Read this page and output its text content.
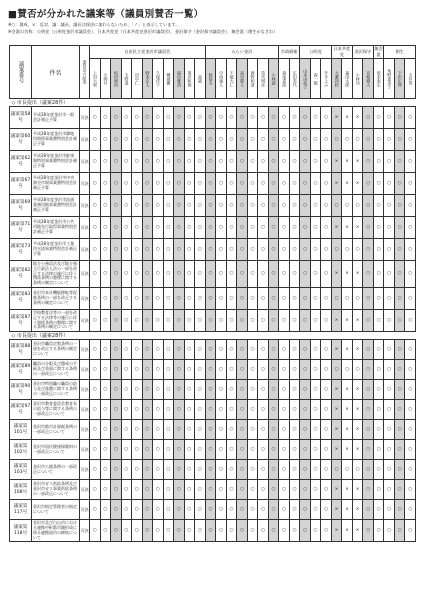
■賛否が分かれた議案等（議員別賛否一覧）
※○：賛成、×：反対、議：議長、議長は採決に加わらないため、「ノ」と表示しています。
※会派の名称：公明党（公明党金沢市議員会）、日本共産党（日本共産党金沢市議員団）、金沢保守（金沢保守議員会）、無会派（創生かなざわ）
議案番号	件名	委員会の結果	自由民主党金沢市議員会											みらい金沢							市政刷新		公明党			日本共産党		金沢保守		無会派	創生		
			上田大和	小間井	松村理治	玉野道	田中仁	野本正人	久保洋子	横越徹	福田雅清	黒沢和規	高誠	秋島太	中西義人	不破大仁	高岩勝人	源野和清	苗代明彦	小林誠	森尾嘉昭	広田美代	山本由起子	森一敏	升きよみ	大桑初枝	福田太郎	小林功	宮崎雅人	坂本泰広	角野恵美子	下沢広伸	玉井英
◇ 市長提出（議案28件）																																	
議案第58号	平成28年度金沢市一般会計補正予算	可決	○	○	○	○	○	○	○	○	○	○	○	○	○	○	○	○	○	○	○	○	○	○	○	×	×	×	○	○	○	○	○
議案第60号	平成28年度金沢市御地用関係事業費特別会計補正予算	可決	○	○	○	○	○	○	○	○	○	○	○	○	○	○	○	○	○	○	○	○	○	○	○	○	○	○	○	○	○	○	○
議案第62号	平成28年度金沢市駐車場特別事業費特別会計補正予算	可決	○	○	○	○	○	○	○	○	○	○	○	○	○	○	○	○	○	○	○	○	○	○	○	×	×	×	○	○	○	○	○
議案第67号	平成28年度金沢市中央卸売市場事業費特別会計補正予算	可決	○	○	○	○	○	○	○	○	○	○	○	○	○	○	○	○	○	○	○	○	○	○	○	×	×	×	○	○	○	○	○
議案第69号	平成28年度金沢市流通業務団地事業費特別会計補正予算	可決	○	○	○	○	○	○	○	○	○	○	○	○	○	○	○	○	○	○	○	○	○	○	○	○	○	○	○	○	○	○	○
議案第71号	平成28年度金沢市公共用地先行取得事業特別会計補正予算	可決	○	○	○	○	○	○	○	○	○	○	○	○	○	○	○	○	○	○	○	○	○	○	○	×	×	×	○	○	○	○	○
議案第73号	平成28年度金沢市工業用水道事業特別会計補正予算	可決	○	○	○	○	○	○	○	○	○	○	○	○	○	○	○	○	○	○	○	○	○	○	○	○	○	○	○	○	○	○	○
議案第82号	地方公務員法及び地方独立行政法人法の一部を改正する法律の施行に伴う関係条例の整理に関する条例の制定について	可決	○	○	○	○	○	○	○	○	○	○	○	○	○	○	○	○	○	○	○	○	○	○	○	×	×	×	○	○	○	○	○
議案第83号	金沢市本社機能移転等促進条例の一部を改正する条例の制定について	可決	○	○	○	○	○	○	○	○	○	○	○	○	○	○	○	○	○	○	○	○	○	○	○	○	○	○	○	○	○	○	○
議案第87号	学校教育法等の一部を改正する法律等の施行に伴う関係条例の整理に関する条例の制定について	可決	○	○	○	○	○	○	○	○	○	○	○	○	○	○	○	○	○	○	○	○	○	○	○	×	×	×	○	○	○	○	○
◇ 市長提出（議案28件）																																	
議案第88号	金沢市職員定数条例の一部を改正する条例の制定について	可決	○	○	○	○	○	○	○	○	○	○	○	○	○	○	○	○	○	○	○	○	○	○	○	×	×	×	○	○	○	○	○
議案第89号	職員の分限及び懲戒の手続及び効果に関する条例の一部改正について	可決	○	○	○	○	○	○	○	○	○	○	○	○	○	○	○	○	○	○	○	○	○	○	○	○	○	○	○	○	○	○	○
議案第90号	金沢市特別職の職員の給与及び旅費に関する条例の一部改正について	可決	○	○	○	○	○	○	○	○	○	○	○	○	○	○	○	○	○	○	○	○	○	○	○	×	×	×	○	○	○	○	○
議案第97号	金沢市教育委員会教育長の給与等に関する条例の一部改正について	可決	○	○	○	○	○	○	○	○	○	○	○	○	○	○	○	○	○	○	○	○	○	○	○	×	×	×	○	○	○	○	○
議案第101号	金沢市都市計画税条例の一部改正について	可決	○	○	○	○	○	○	○	○	○	○	○	○	○	○	○	○	○	○	○	○	○	○	○	×	×	×	○	○	○	○	○
議案第102号	金沢市国民健康保険料の一部改正について	可決	○	○	○	○	○	○	○	○	○	○	○	○	○	○	○	○	○	○	○	○	○	○	○	×	×	×	○	○	○	○	○
議案第103号	金沢市公園条例の一部改正について	可決	○	○	○	○	○	○	○	○	○	○	○	○	○	○	○	○	○	○	○	○	○	○	○	○	○	○	○	○	○	○	○
議案第108号	金沢市ガス供給条例及び金沢市ガス事業供給条例の一部改正について	可決	○	○	○	○	○	○	○	○	○	○	○	○	○	○	○	○	○	○	○	○	○	○	○	×	×	×	○	○	○	○	○
議案第117号	金沢市指定管理者の指定について	可決	○	○	○	○	○	○	○	○	○	○	○	○	○	○	○	○	○	○	○	○	○	○	○	×	×	×	○	○	○	○	○
議案第118号	金沢市及び白山市における連携中枢都市圏形成に係る連携協約の締結について	可決	○	○	○	○	○	○	○	○	○	○	○	○	○	○	○	○	○	○	○	○	○	○	○	×	×	×	○	○	○	○	○
